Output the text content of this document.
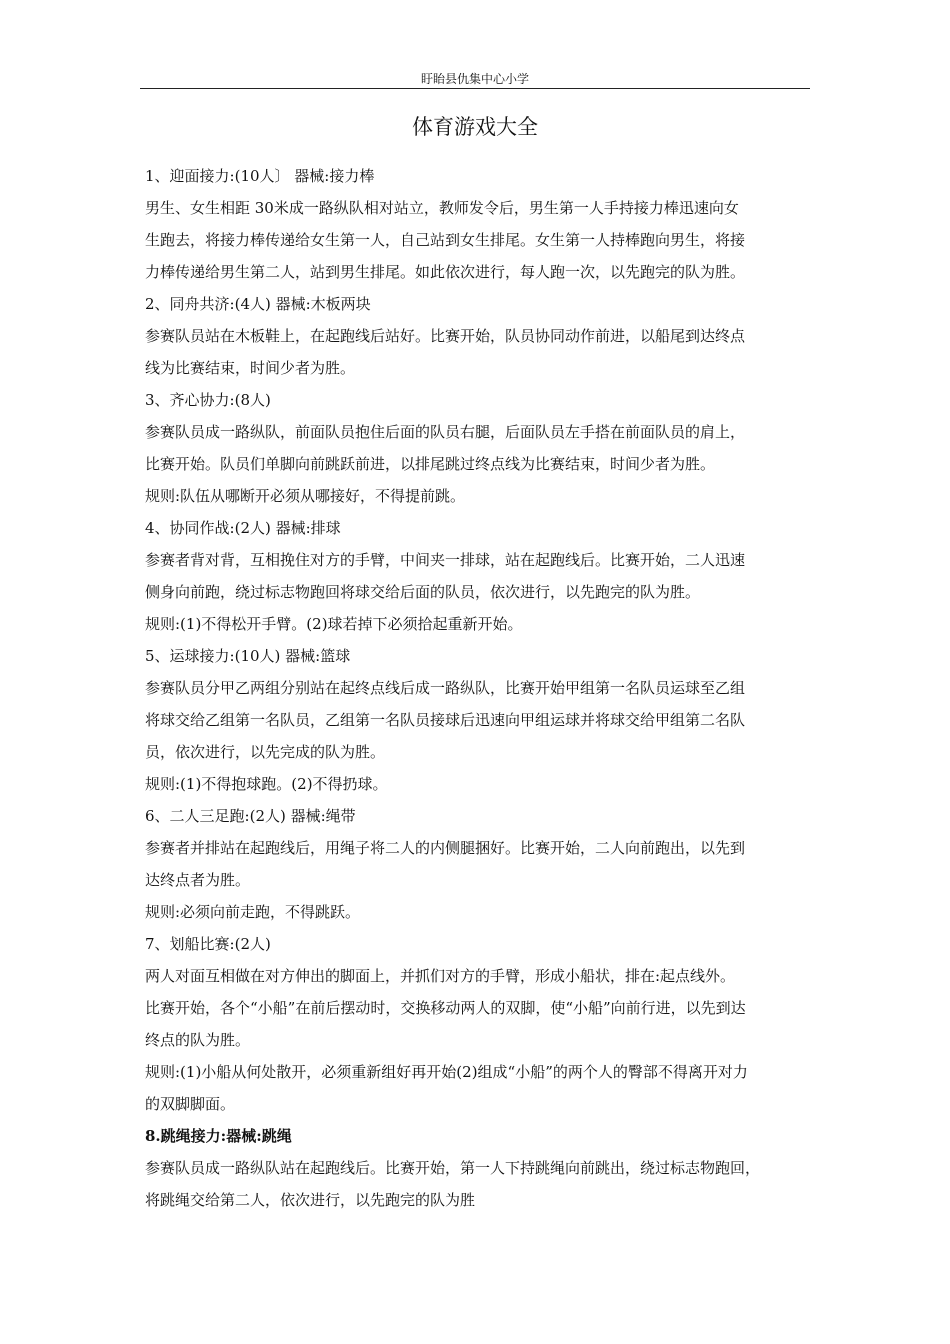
盱眙县仇集中心小学
体育游戏大全
1、迎面接力:(10人〕 器械:接力棒
男生、女生相距 30米成一路纵队相对站立，教师发令后，男生第一人手持接力棒迅速向女
生跑去，将接力棒传递给女生第一人，自己站到女生排尾。女生第一人持棒跑向男生，将接
力棒传递给男生第二人，站到男生排尾。如此依次进行，每人跑一次，以先跑完的队为胜。
2、同舟共济:(4人) 器械:木板两块
参赛队员站在木板鞋上，在起跑线后站好。比赛开始，队员协同动作前进，以船尾到达终点
线为比赛结束，时间少者为胜。
3、齐心协力:(8人)
参赛队员成一路纵队，前面队员抱住后面的队员右腿，后面队员左手搭在前面队员的肩上，
比赛开始。队员们单脚向前跳跃前进，以排尾跳过终点线为比赛结束，时间少者为胜。
规则:队伍从哪断开必须从哪接好，不得提前跳。
4、协同作战:(2人) 器械:排球
参赛者背对背，互相挽住对方的手臂，中间夹一排球，站在起跑线后。比赛开始，二人迅速
侧身向前跑，绕过标志物跑回将球交给后面的队员，依次进行，以先跑完的队为胜。
规则:(1)不得松开手臂。(2)球若掉下必须拾起重新开始。
5、运球接力:(10人) 器械:篮球
参赛队员分甲乙两组分别站在起终点线后成一路纵队，比赛开始甲组第一名队员运球至乙组
将球交给乙组第一名队员，乙组第一名队员接球后迅速向甲组运球并将球交给甲组第二名队
员，依次进行，以先完成的队为胜。
规则:(1)不得抱球跑。(2)不得扔球。
6、二人三足跑:(2人) 器械:绳带
参赛者并排站在起跑线后，用绳子将二人的内侧腿捆好。比赛开始，二人向前跑出，以先到
达终点者为胜。
规则:必须向前走跑，不得跳跃。
7、划船比赛:(2人)
两人对面互相做在对方伸出的脚面上，并抓们对方的手臂，形成小船状，排在:起点线外。
比赛开始，各个“小船”在前后摆动时，交换移动两人的双脚，使“小船”向前行进，以先到达
终点的队为胜。
规则:(1)小船从何处散开，必须重新组好再开始(2)组成“小船”的两个人的臀部不得离开对力
的双脚脚面。
8.跳绳接力:器械:跳绳
参赛队员成一路纵队站在起跑线后。比赛开始，第一人下持跳绳向前跳出，绕过标志物跑回，
将跳绳交给第二人，依次进行，以先跑完的队为胜
